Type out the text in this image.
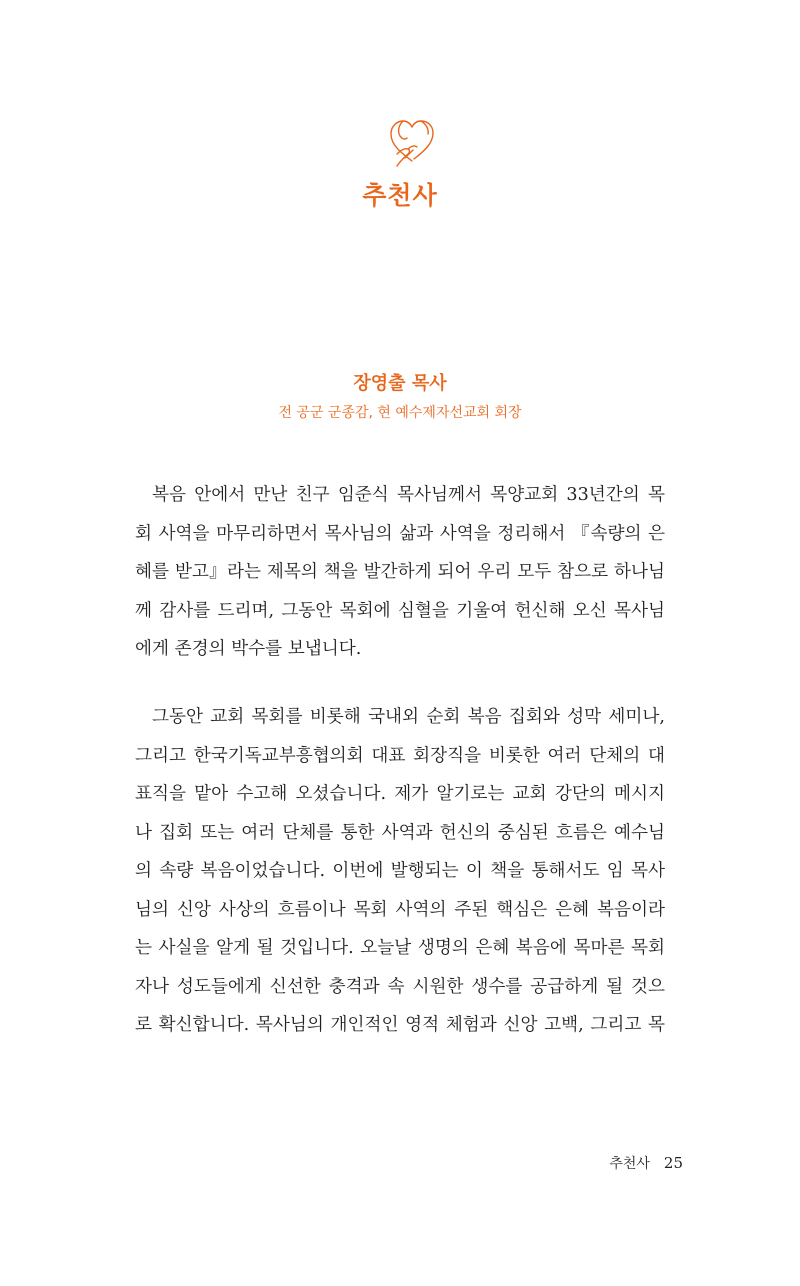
추천사
장영출 목사
전 공군 군종감, 현 예수제자선교회 회장
복음 안에서 만난 친구 임준식 목사님께서 목양교회 33년간의 목
회 사역을 마무리하면서 목사님의 삶과 사역을 정리해서 『속량의 은
혜를 받고』라는 제목의 책을 발간하게 되어 우리 모두 참으로 하나님
께 감사를 드리며, 그동안 목회에 심혈을 기울여 헌신해 오신 목사님
에게 존경의 박수를 보냅니다.
그동안 교회 목회를 비롯해 국내외 순회 복음 집회와 성막 세미나,
그리고 한국기독교부흥협의회 대표 회장직을 비롯한 여러 단체의 대
표직을 맡아 수고해 오셨습니다. 제가 알기로는 교회 강단의 메시지
나 집회 또는 여러 단체를 통한 사역과 헌신의 중심된 흐름은 예수님
의 속량 복음이었습니다. 이번에 발행되는 이 책을 통해서도 임 목사
님의 신앙 사상의 흐름이나 목회 사역의 주된 핵심은 은혜 복음이라
는 사실을 알게 될 것입니다. 오늘날 생명의 은혜 복음에 목마른 목회
자나 성도들에게 신선한 충격과 속 시원한 생수를 공급하게 될 것으
로 확신합니다. 목사님의 개인적인 영적 체험과 신앙 고백, 그리고 목
추천사 25
